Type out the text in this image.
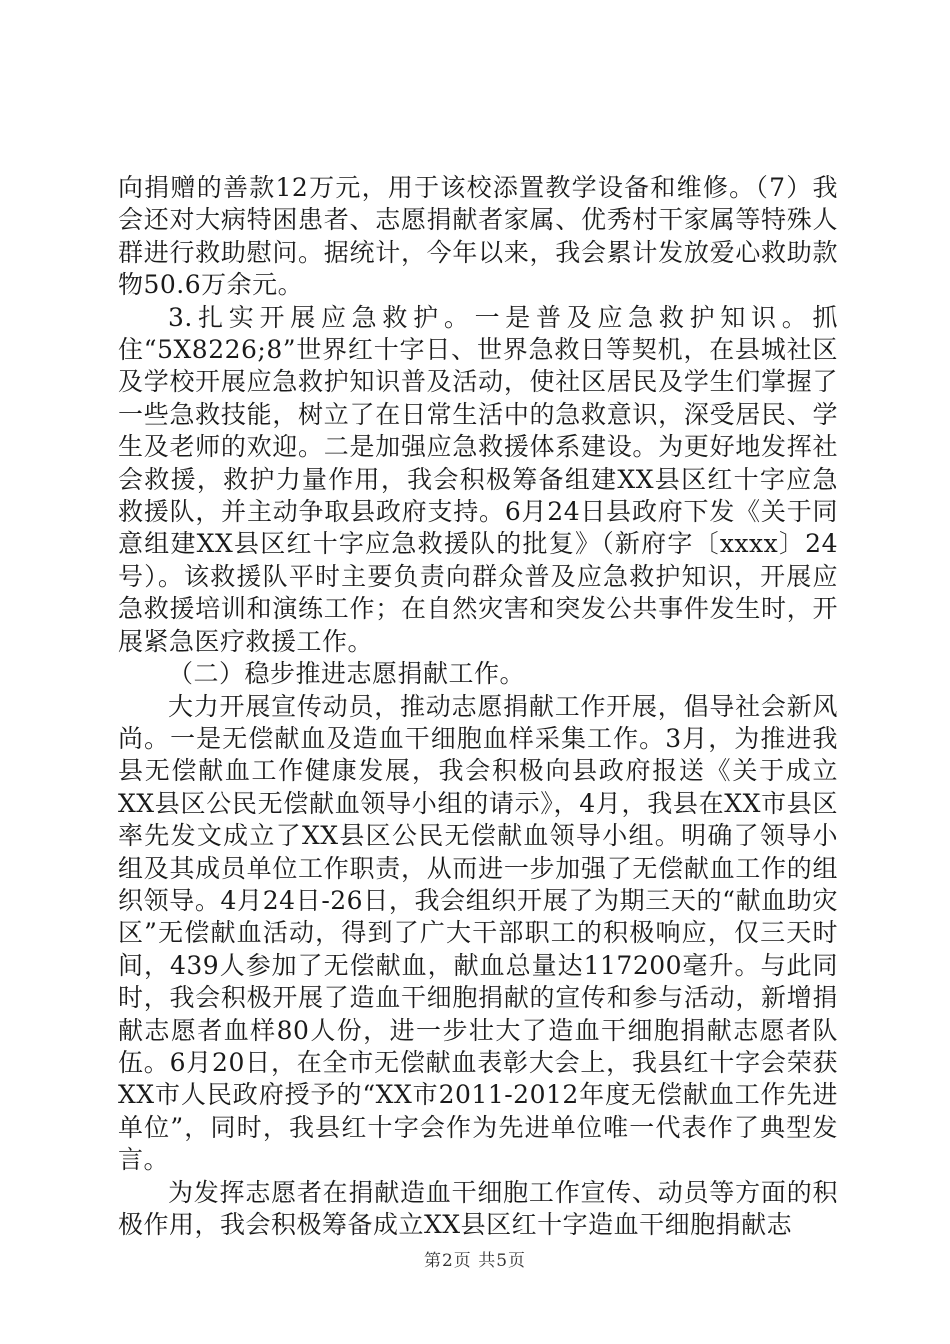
向捐赠的善款12万元，用于该校添置教学设备和维修。（7）我会还对大病特困患者、志愿捐献者家属、优秀村干家属等特殊人群进行救助慰问。据统计，今年以来，我会累计发放爱心救助款物50.6万余元。

3.扎实开展应急救护。一是普及应急救护知识。抓住“5X8226;8”世界红十字日、世界急救日等契机，在县城社区及学校开展应急救护知识普及活动，使社区居民及学生们掌握了一些急救技能，树立了在日常生活中的急救意识，深受居民、学生及老师的欢迎。二是加强应急救援体系建设。为更好地发挥社会救援，救护力量作用，我会积极筹备组建XX县区红十字应急救援队，并主动争取县政府支持。6月24日县政府下发《关于同意组建XX县区红十字应急救援队的批复》（新府字〔xxxx〕24号）。该救援队平时主要负责向群众普及应急救护知识，开展应急救援培训和演练工作；在自然灾害和突发公共事件发生时，开展紧急医疗救援工作。

（二）稳步推进志愿捐献工作。

大力开展宣传动员，推动志愿捐献工作开展，倡导社会新风尚。一是无偿献血及造血干细胞血样采集工作。3月，为推进我县无偿献血工作健康发展，我会积极向县政府报送《关于成立XX县区公民无偿献血领导小组的请示》，4月，我县在XX市县区率先发文成立了XX县区公民无偿献血领导小组。明确了领导小组及其成员单位工作职责，从而进一步加强了无偿献血工作的组织领导。4月24日-26日，我会组织开展了为期三天的“献血助灾区”无偿献血活动，得到了广大干部职工的积极响应，仅三天时间，439人参加了无偿献血，献血总量达117200毫升。与此同时，我会积极开展了造血干细胞捐献的宣传和参与活动，新增捐献志愿者血样80人份，进一步壮大了造血干细胞捐献志愿者队伍。6月20日，在全市无偿献血表彰大会上，我县红十字会荣获XX市人民政府授予的“XX市2011-2012年度无偿献血工作先进单位”，同时，我县红十字会作为先进单位唯一代表作了典型发言。

为发挥志愿者在捐献造血干细胞工作宣传、动员等方面的积极作用，我会积极筹备成立XX县区红十字造血干细胞捐献志

第2页 共5页
